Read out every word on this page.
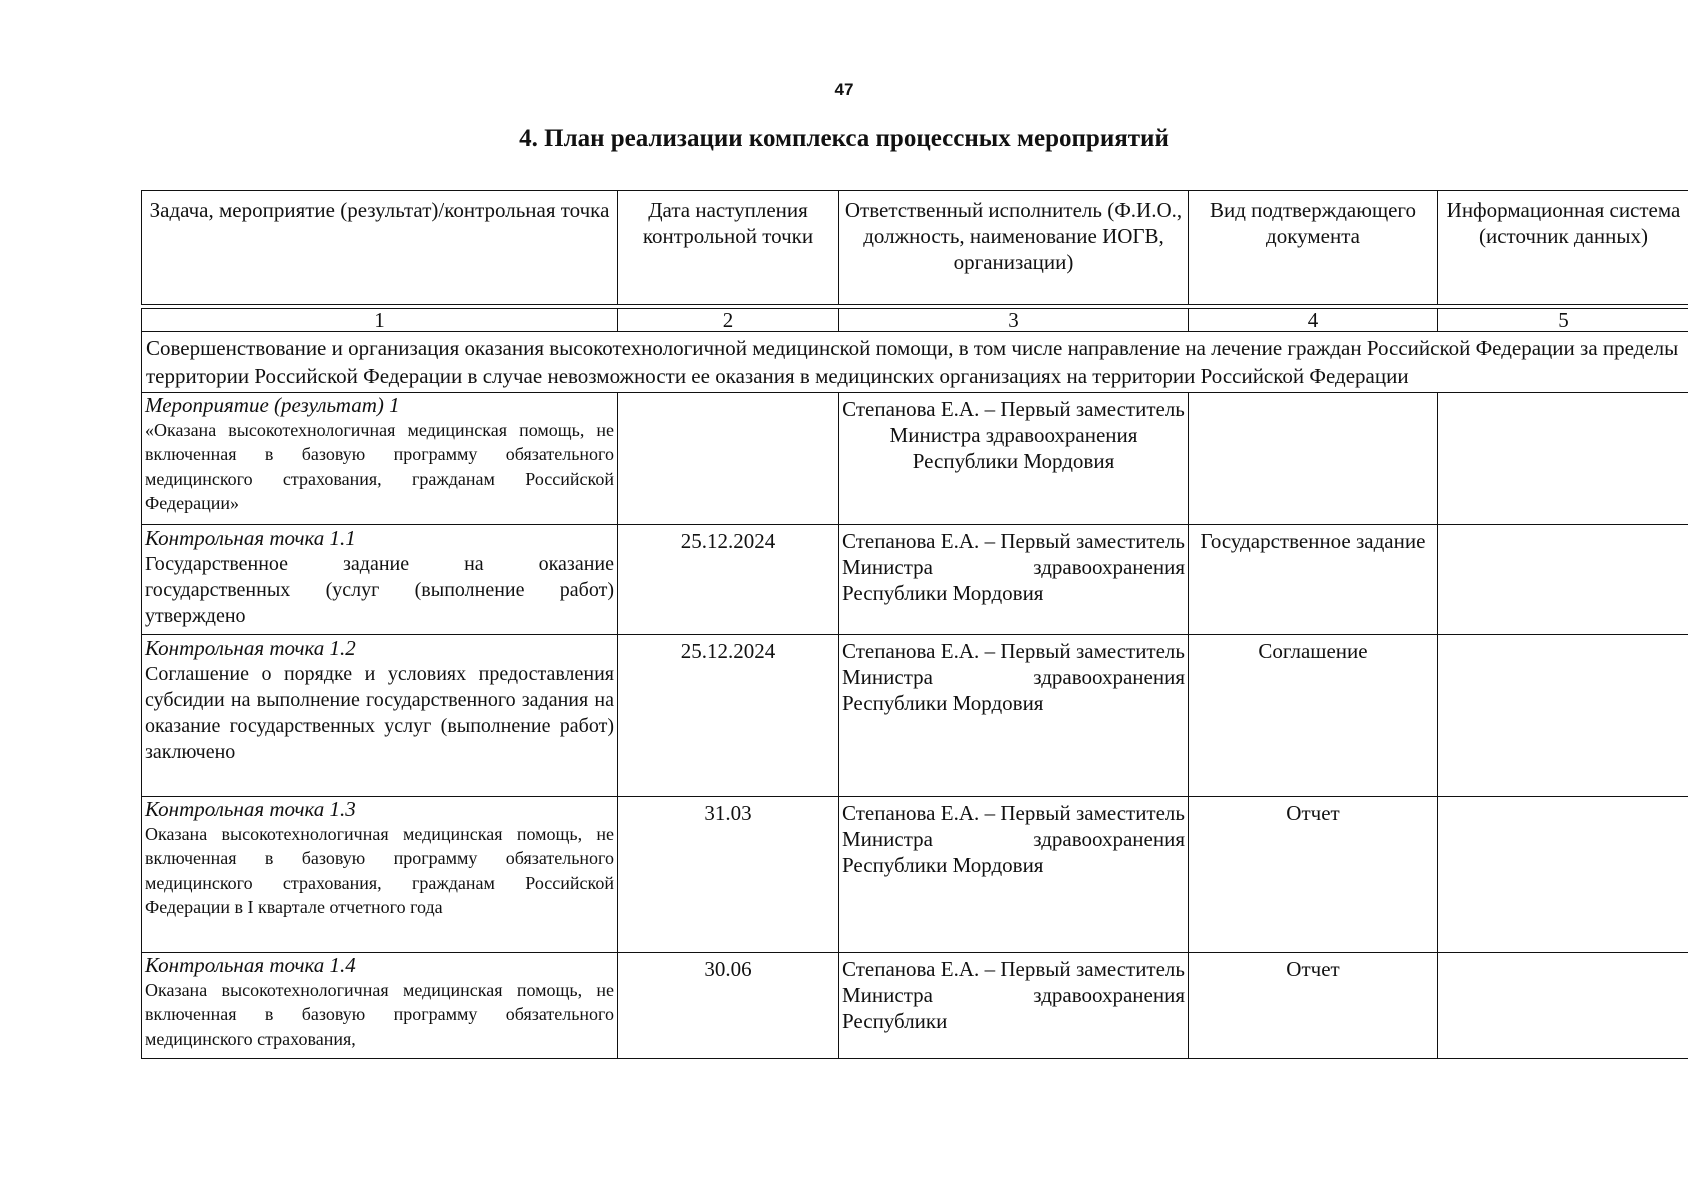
47
4. План реализации комплекса процессных мероприятий
Задача, мероприятие (результат)/контрольная точка	Дата наступления контрольной точки	Ответственный исполнитель (Ф.И.О., должность, наименование ИОГВ, организации)	Вид подтверждающего документа	Информационная система (источник данных)
1	2	3	4	5
Совершенствование и организация оказания высокотехнологичной медицинской помощи, в том числе направление на лечение граждан Российской Федерации за пределы территории Российской Федерации в случае невозможности ее оказания в медицинских организациях на территории Российской Федерации				

Мероприятие (результат) 1
«Оказана высокотехнологичная медицинская помощь, не включенная в базовую программу обязательного медицинского страхования, гражданам Российской Федерации»		Степанова Е.А. – Первый заместитель Министра здравоохранения Республики Мордовия		

Контрольная точка 1.1
Государственное задание на оказание государственных (услуг (выполнение работ) утверждено	25.12.2024	Степанова Е.А. – Первый заместитель Министра здравоохранения Республики Мордовия	Государственное задание	

Контрольная точка 1.2
Соглашение о порядке и условиях предоставления субсидии на выполнение государственного задания на оказание государственных услуг (выполнение работ) заключено	25.12.2024	Степанова Е.А. – Первый заместитель Министра здравоохранения Республики Мордовия	Соглашение	

Контрольная точка 1.3
Оказана высокотехнологичная медицинская помощь, не включенная в базовую программу обязательного медицинского страхования, гражданам Российской Федерации в I квартале отчетного года	31.03	Степанова Е.А. – Первый заместитель Министра здравоохранения Республики Мордовия	Отчет	

Контрольная точка 1.4
Оказана высокотехнологичная медицинская помощь, не включенная в базовую программу обязательного медицинского страхования,	30.06	Степанова Е.А. – Первый заместитель Министра здравоохранения Республики	Отчет	
